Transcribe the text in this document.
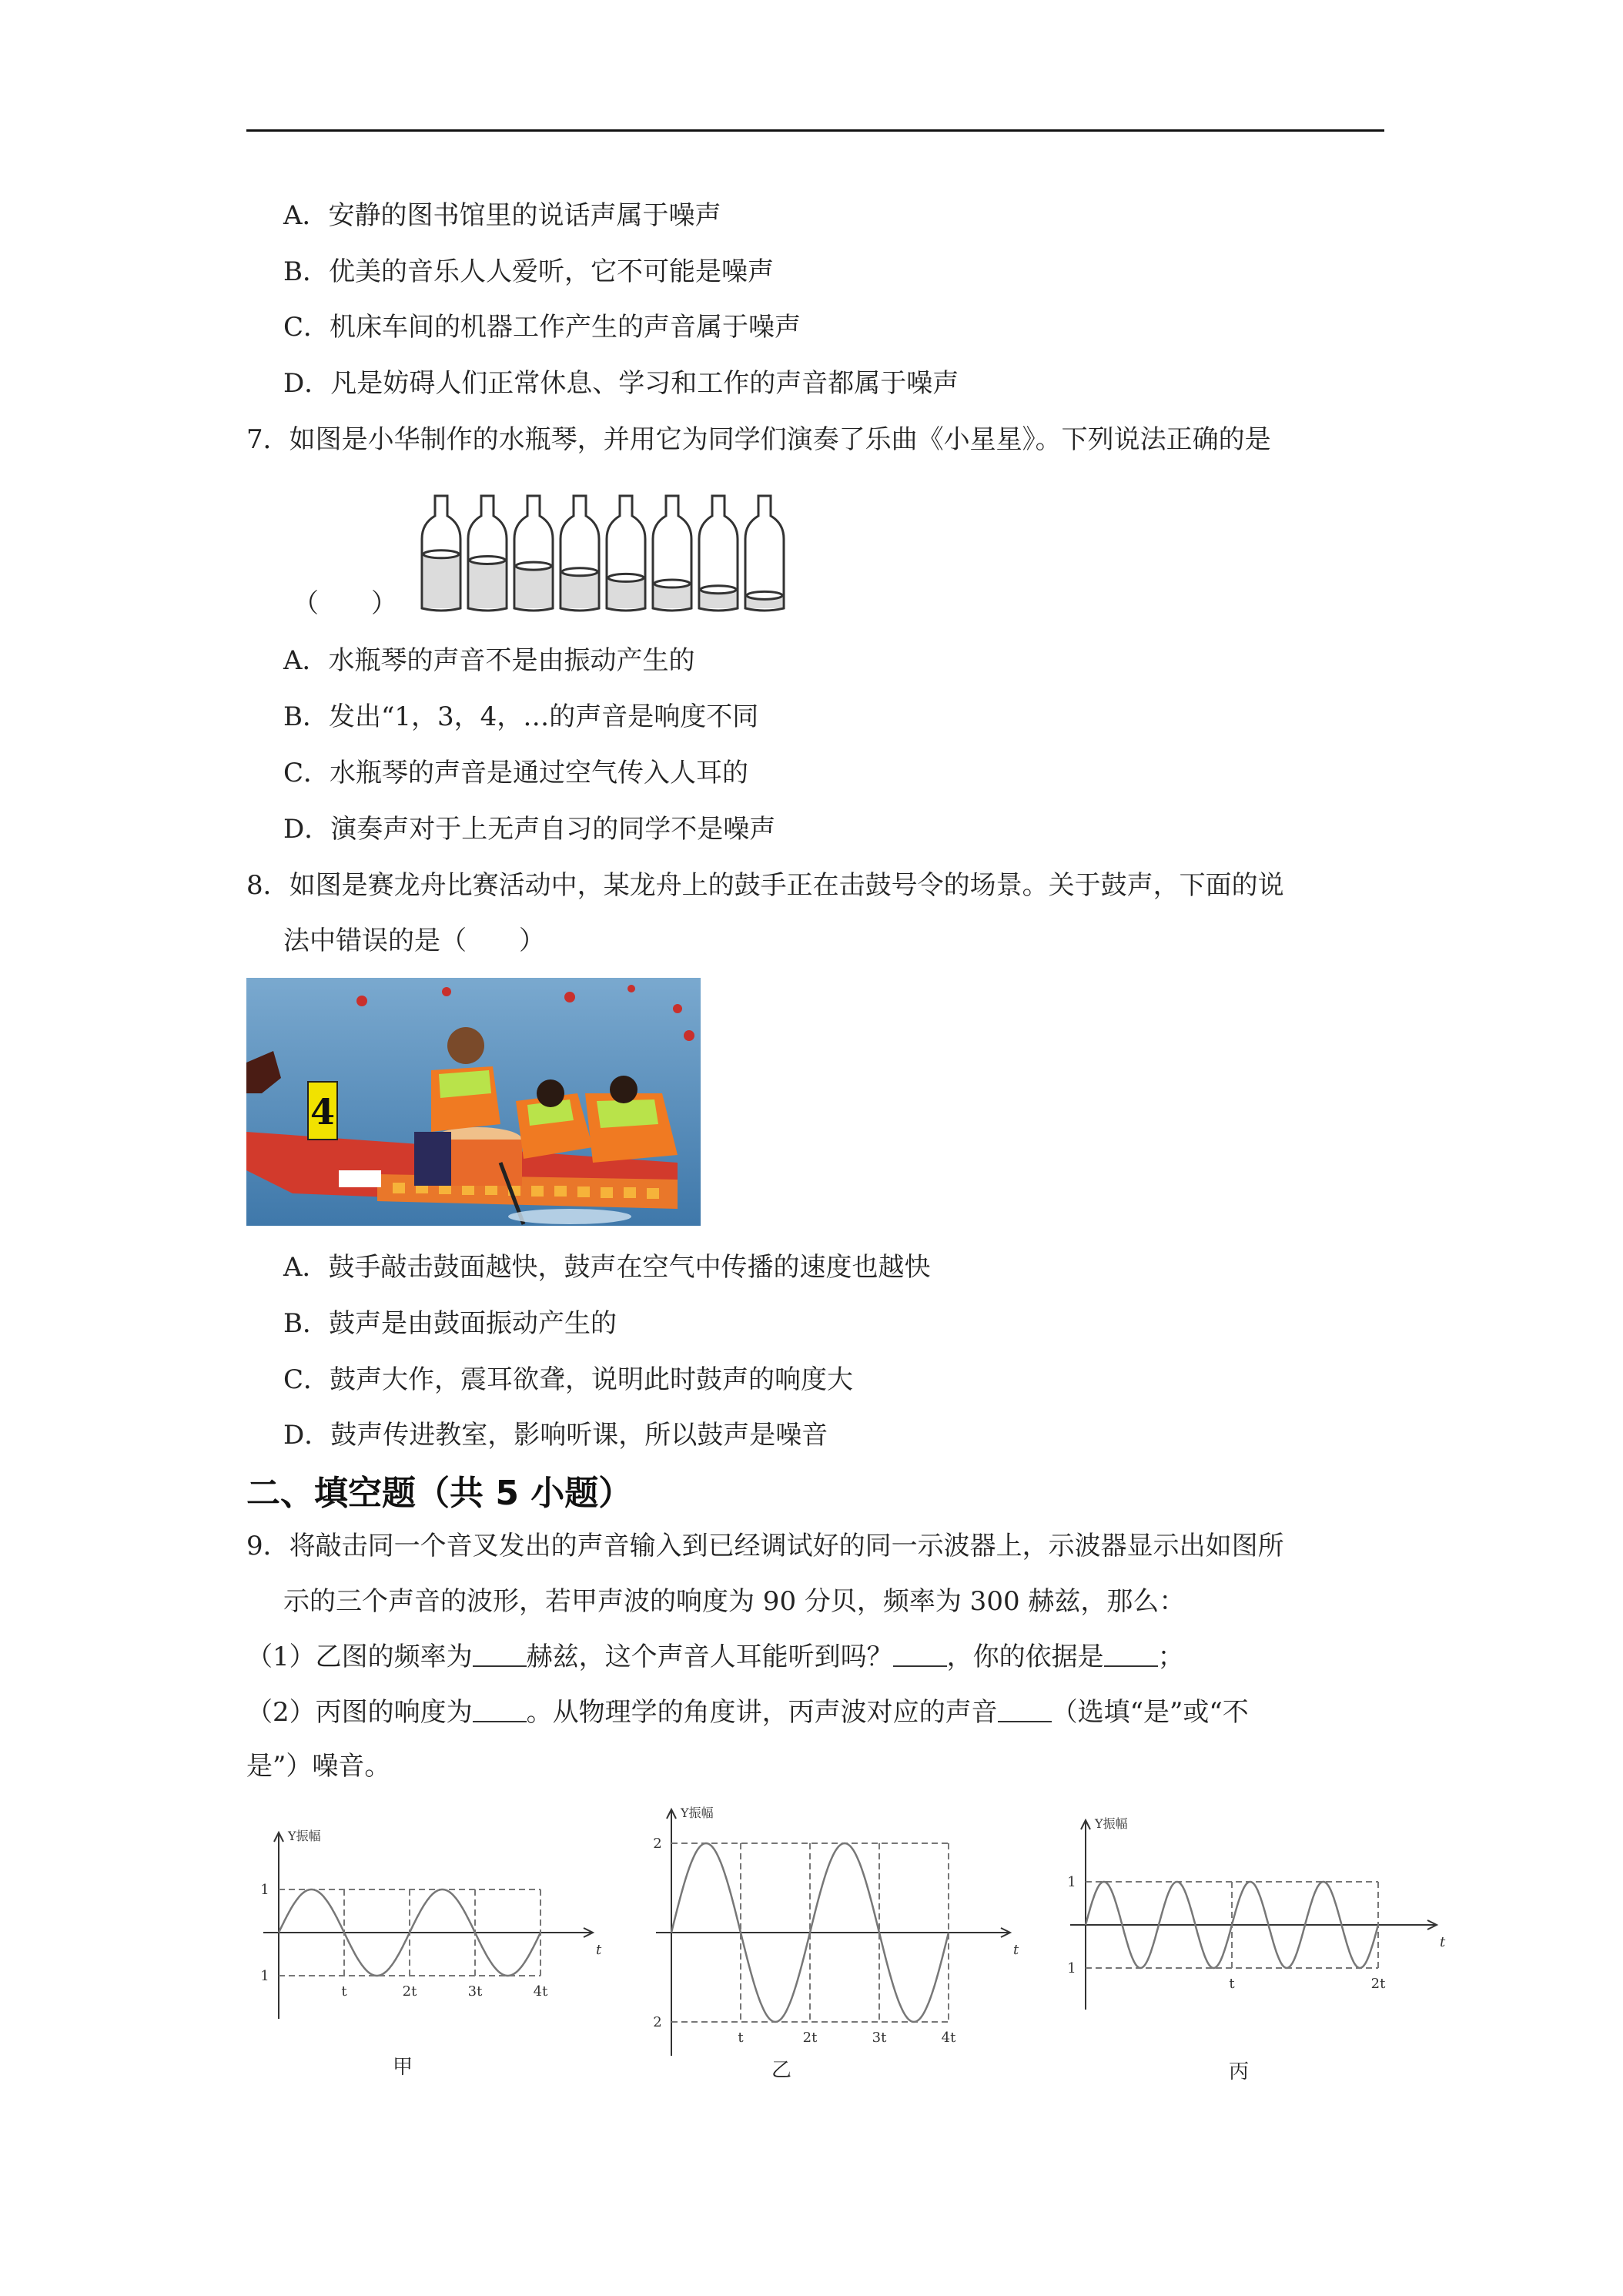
A．安静的图书馆里的说话声属于噪声
B．优美的音乐人人爱听，它不可能是噪声
C．机床车间的机器工作产生的声音属于噪声
D．凡是妨碍人们正常休息、学习和工作的声音都属于噪声
7．如图是小华制作的水瓶琴，并用它为同学们演奏了乐曲《小星星》。下列说法正确的是
（　　）
A．水瓶琴的声音不是由振动产生的
B．发出“1，3，4，…的声音是响度不同
C．水瓶琴的声音是通过空气传入人耳的
D．演奏声对于上无声自习的同学不是噪声
8．如图是赛龙舟比赛活动中，某龙舟上的鼓手正在击鼓号令的场景。关于鼓声，下面的说
法中错误的是（　　）
4
A．鼓手敲击鼓面越快，鼓声在空气中传播的速度也越快
B．鼓声是由鼓面振动产生的
C．鼓声大作，震耳欲聋，说明此时鼓声的响度大
D．鼓声传进教室，影响听课，所以鼓声是噪音
二、填空题（共 5 小题）
9．将敲击同一个音叉发出的声音输入到已经调试好的同一示波器上，示波器显示出如图所
示的三个声音的波形，若甲声波的响度为 90 分贝，频率为 300 赫兹，那么：
（1）乙图的频率为 赫兹，这个声音人耳能听到吗？ ，你的依据是 ；
（2）丙图的响度为 。从物理学的角度讲，丙声波对应的声音 （选填“是”或“不
是”）噪音。
Y振幅
t
t	2t	3t	4t
1
1
Y振幅
t
t	2t	3t	4t
2
2
Y振幅
t
t	2t
1
1
甲	乙	丙
